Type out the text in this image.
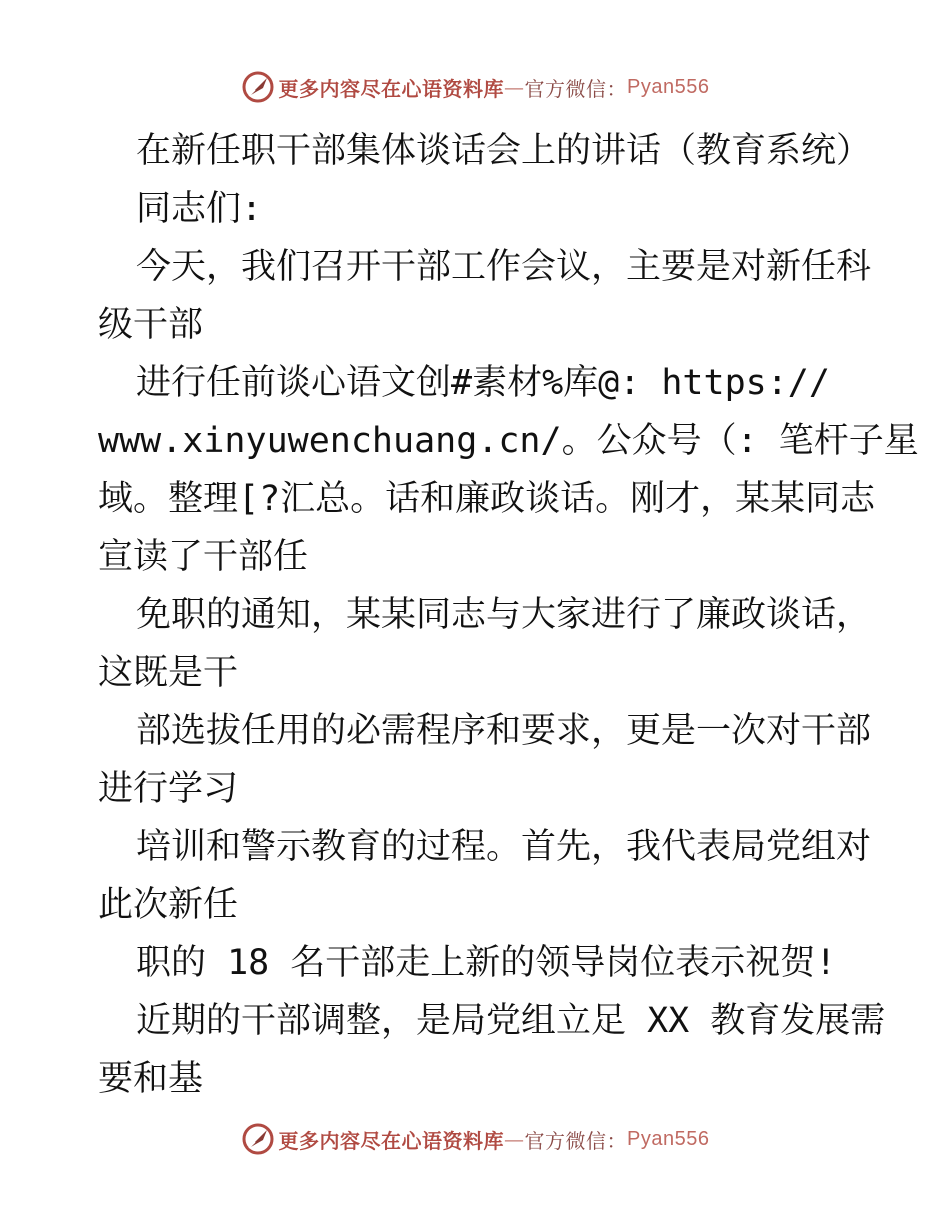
更多内容尽在心语资料库 — 官方微信： Pyan556
在新任职干部集体谈话会上的讲话（教育系统）
同志们:
今天，我们召开干部工作会议，主要是对新任科
级干部
进行任前谈心语文创#素材%库@: https://
www.xinyuwenchuang.cn/。公众号（: 笔杆子星
域。整理[?汇总。话和廉政谈话。刚才，某某同志
宣读了干部任
免职的通知，某某同志与大家进行了廉政谈话，
这既是干
部选拔任用的必需程序和要求，更是一次对干部
进行学习
培训和警示教育的过程。首先，我代表局党组对
此次新任
职的 18 名干部走上新的领导岗位表示祝贺!
近期的干部调整，是局党组立足 XX 教育发展需
要和基
更多内容尽在心语资料库 — 官方微信： Pyan556
